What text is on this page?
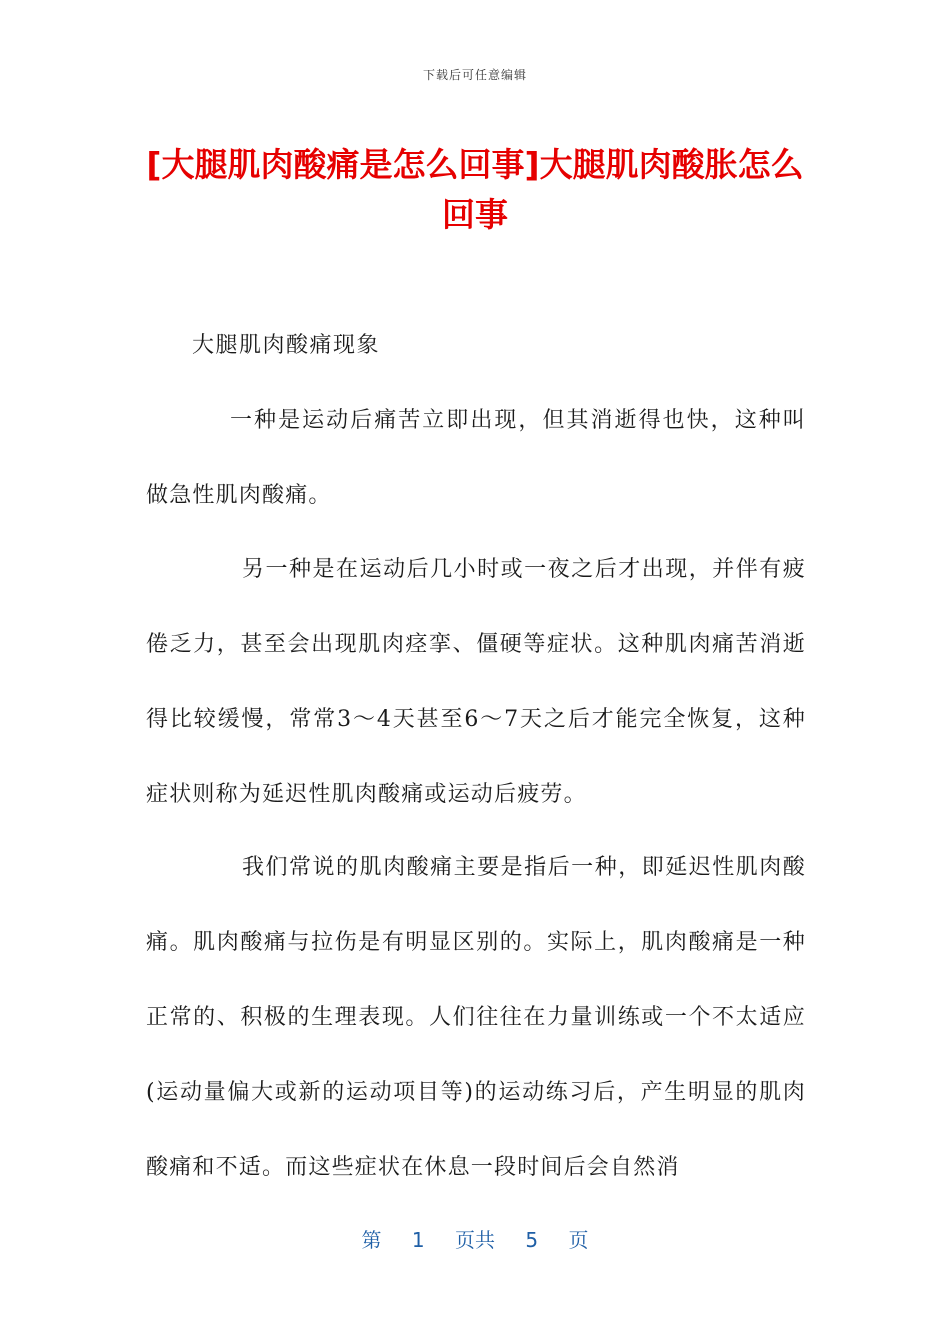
下载后可任意编辑
[大腿肌肉酸痛是怎么回事]大腿肌肉酸胀怎么回事
大腿肌肉酸痛现象

一种是运动后痛苦立即出现，但其消逝得也快，这种叫做急性肌肉酸痛。

另一种是在运动后几小时或一夜之后才出现，并伴有疲倦乏力，甚至会出现肌肉痉挛、僵硬等症状。这种肌肉痛苦消逝得比较缓慢，常常3～4天甚至6～7天之后才能完全恢复，这种症状则称为延迟性肌肉酸痛或运动后疲劳。

我们常说的肌肉酸痛主要是指后一种，即延迟性肌肉酸痛。肌肉酸痛与拉伤是有明显区别的。实际上，肌肉酸痛是一种正常的、积极的生理表现。人们往往在力量训练或一个不太适应(运动量偏大或新的运动项目等)的运动练习后，产生明显的肌肉酸痛和不适。而这些症状在休息一段时间后会自然消

第 1 页共 5 页
